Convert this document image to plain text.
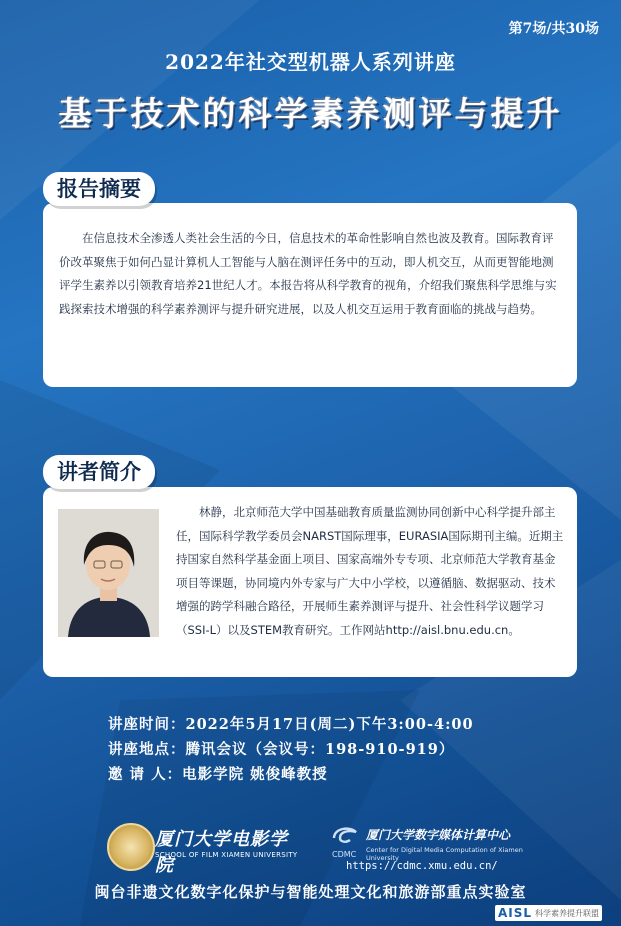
第7场/共30场
2022年社交型机器人系列讲座
基于技术的科学素养测评与提升

在信息技术全渗透人类社会生活的今日，信息技术的革命性影响自然也波及教育。国际教育评价改革聚焦于如何凸显计算机人工智能与人脑在测评任务中的互动，即人机交互，从而更智能地测评学生素养以引领教育培养21世纪人才。本报告将从科学教育的视角，介绍我们聚焦科学思维与实践探索技术增强的科学素养测评与提升研究进展，以及人机交互运用于教育面临的挑战与趋势。

报告摘要

林静，北京师范大学中国基础教育质量监测协同创新中心科学提升部主任，国际科学教学委员会NARST国际理事，EURASIA国际期刊主编。近期主持国家自然科学基金面上项目、国家高端外专专项、北京师范大学教育基金项目等课题，协同境内外专家与广大中小学校，以遵循脑、数据驱动、技术增强的跨学科融合路径，开展师生素养测评与提升、社会性科学议题学习（SSI-L）以及STEM教育研究。工作网站http://aisl.bnu.edu.cn。

讲者简介
讲座时间：2022年5月17日(周二)下午3:00-4:00
讲座地点：腾讯会议（会议号：198-910-919）
邀 请 人：电影学院 姚俊峰教授
厦门大学电影学院
SCHOOL OF FILM XIAMEN UNIVERSITY
厦门大学数字媒体计算中心
CDMC Center for Digital Media Computation of Xiamen University
https://cdmc.xmu.edu.cn/
闽台非遗文化数字化保护与智能处理文化和旅游部重点实验室
AISL 科学素养提升联盟
